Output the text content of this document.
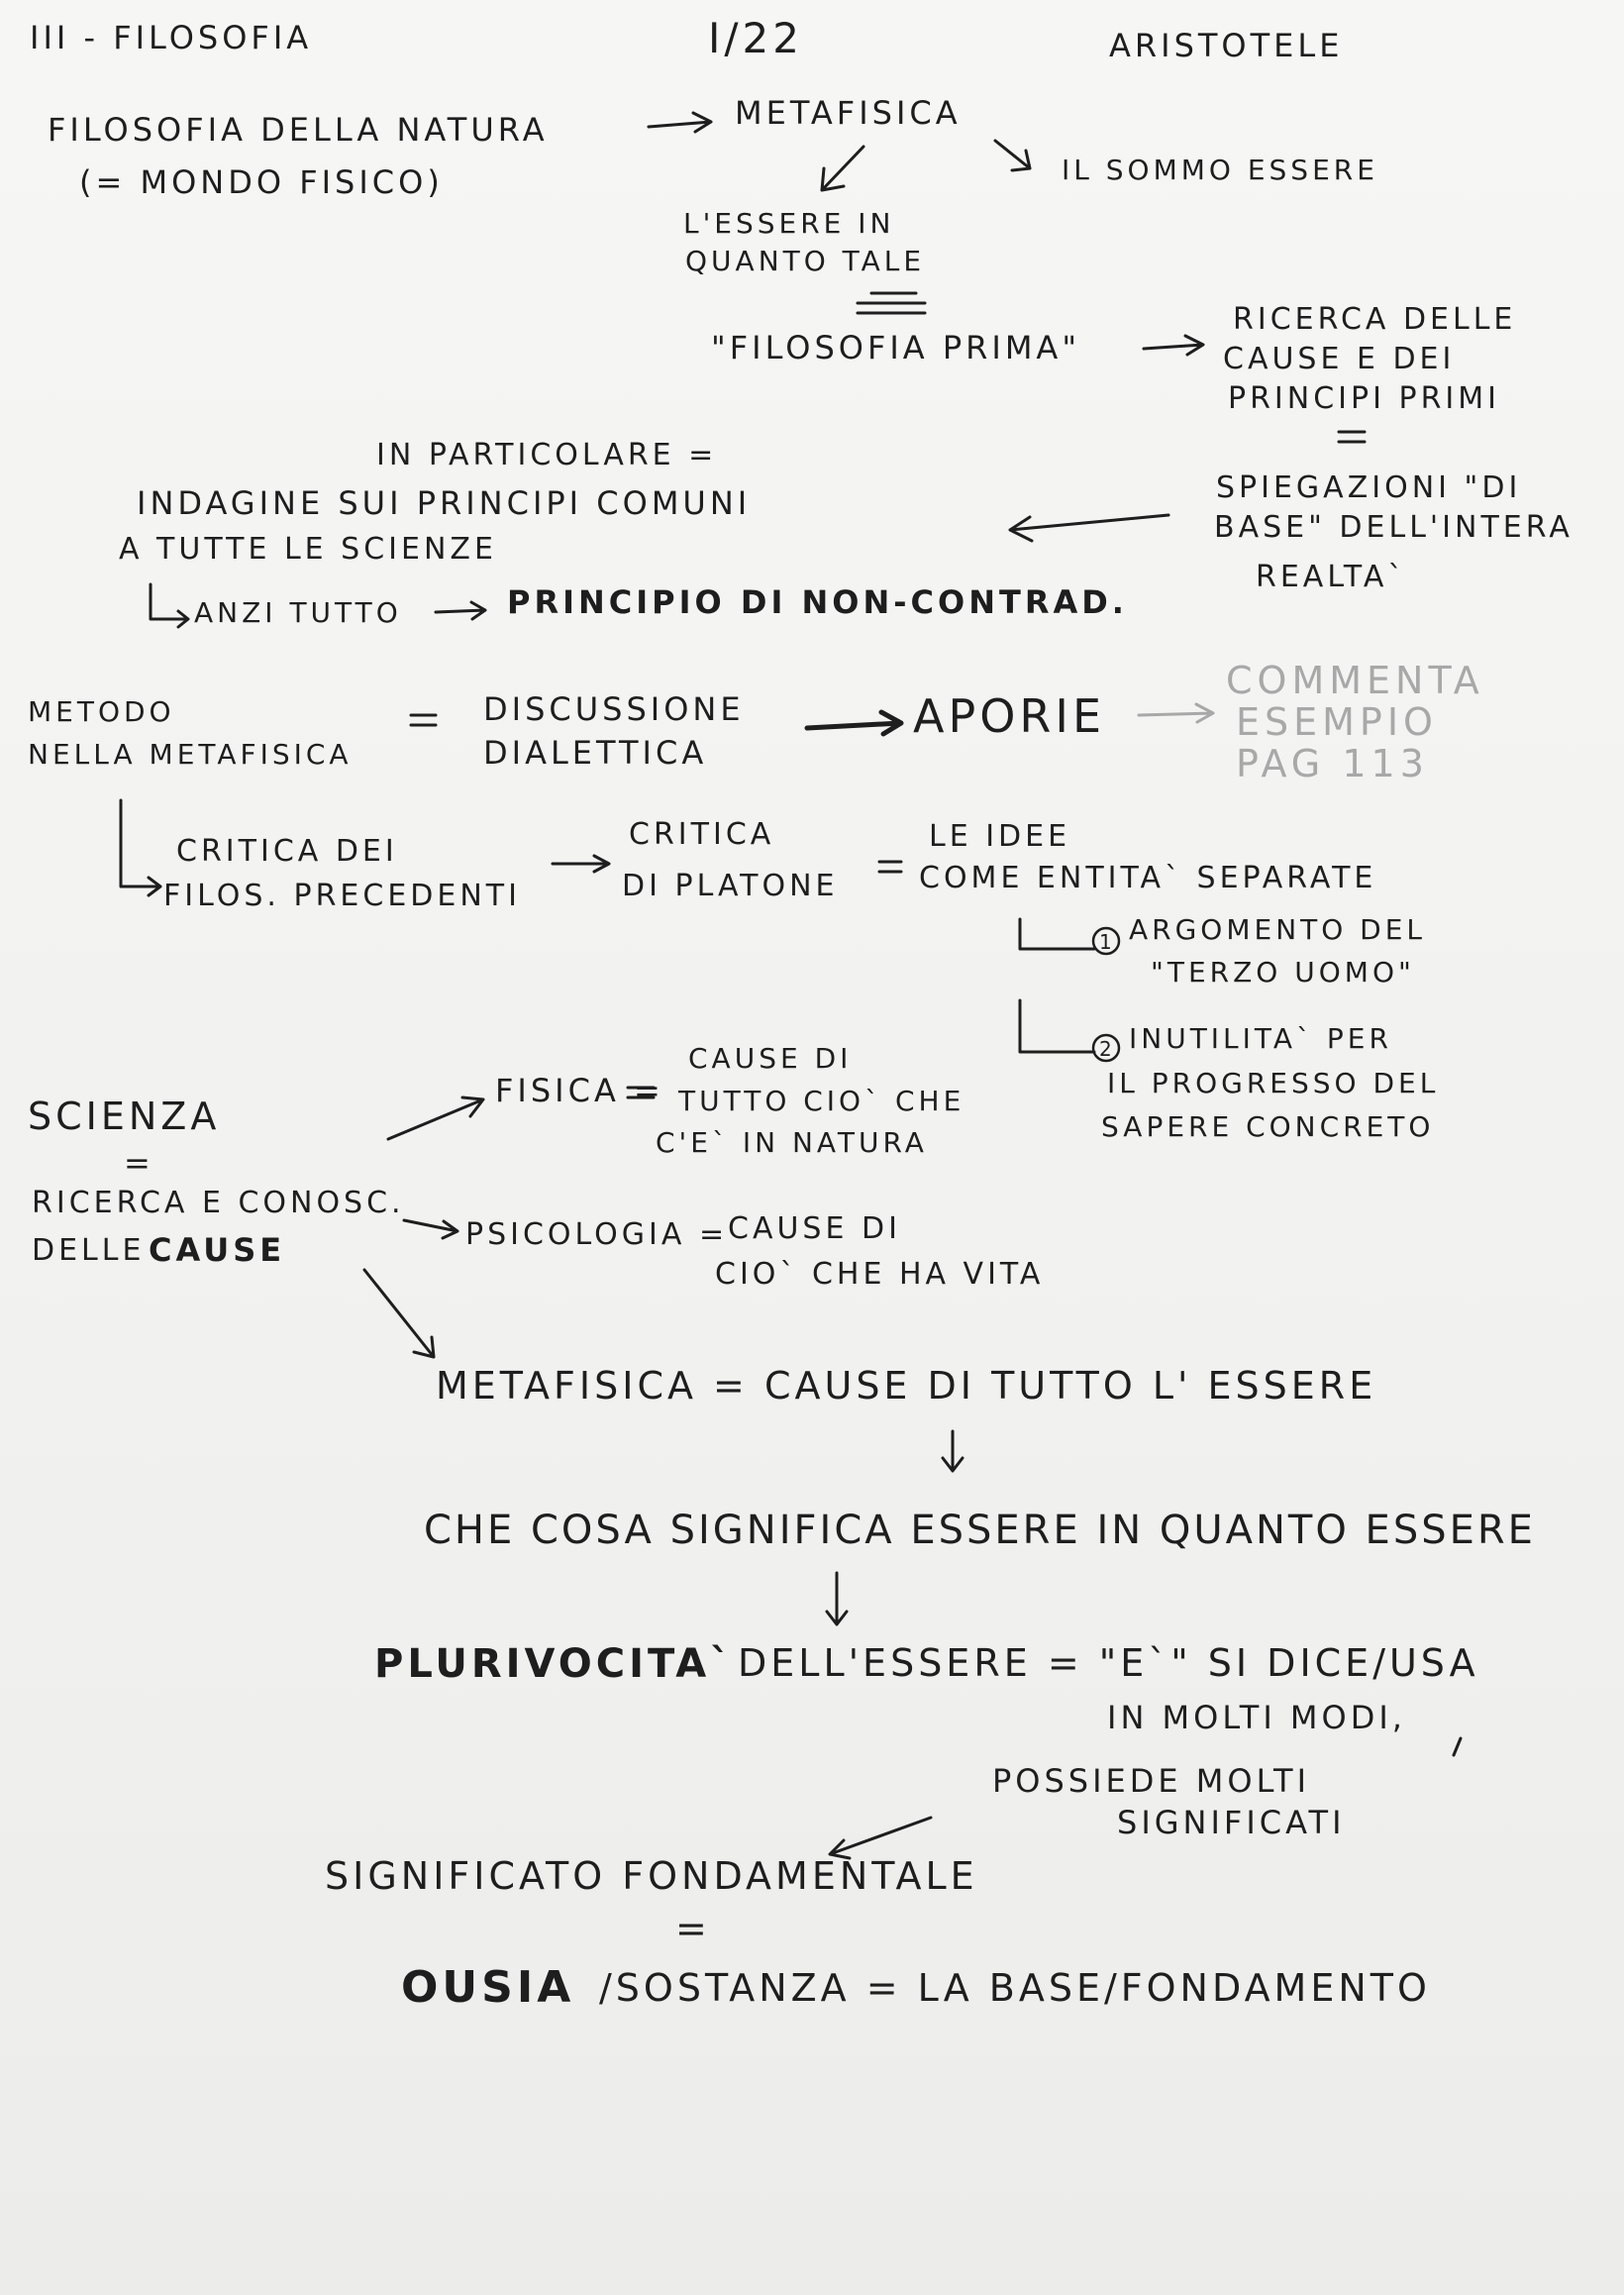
1
2
III - FILOSOFIA	I/22	ARISTOTELE
FILOSOFIA DELLA NATURA
(= MONDO FISICO)
METAFISICA
IL SOMMO ESSERE
L'ESSERE IN
QUANTO TALE
"FILOSOFIA PRIMA"
RICERCA DELLE
CAUSE E DEI
PRINCIPI PRIMI
SPIEGAZIONI "DI
BASE" DELL'INTERA
REALTA`
IN PARTICOLARE =
INDAGINE SUI PRINCIPI COMUNI
A TUTTE LE SCIENZE
ANZI TUTTO	PRINCIPIO DI NON-CONTRAD.
METODO
NELLA METAFISICA
DISCUSSIONE
DIALETTICA
APORIE
COMMENTA
ESEMPIO
PAG 113
CRITICA DEI
FILOS. PRECEDENTI
CRITICA
DI PLATONE
LE IDEE
COME ENTITA` SEPARATE
ARGOMENTO DEL
"TERZO UOMO"
INUTILITA` PER
IL PROGRESSO DEL
SAPERE CONCRETO
SCIENZA
=
RICERCA E CONOSC.
DELLE CAUSE
FISICA =
CAUSE DI
TUTTO CIO` CHE
C'E` IN NATURA
PSICOLOGIA = CAUSE DI
CIO` CHE HA VITA
METAFISICA = CAUSE DI TUTTO L' ESSERE
CHE COSA SIGNIFICA ESSERE IN QUANTO ESSERE
PLURIVOCITA` DELL'ESSERE = "E`" SI DICE/USA
IN MOLTI MODI,
POSSIEDE MOLTI
SIGNIFICATI
SIGNIFICATO FONDAMENTALE
=
OUSIA /SOSTANZA = LA BASE/FONDAMENTO
